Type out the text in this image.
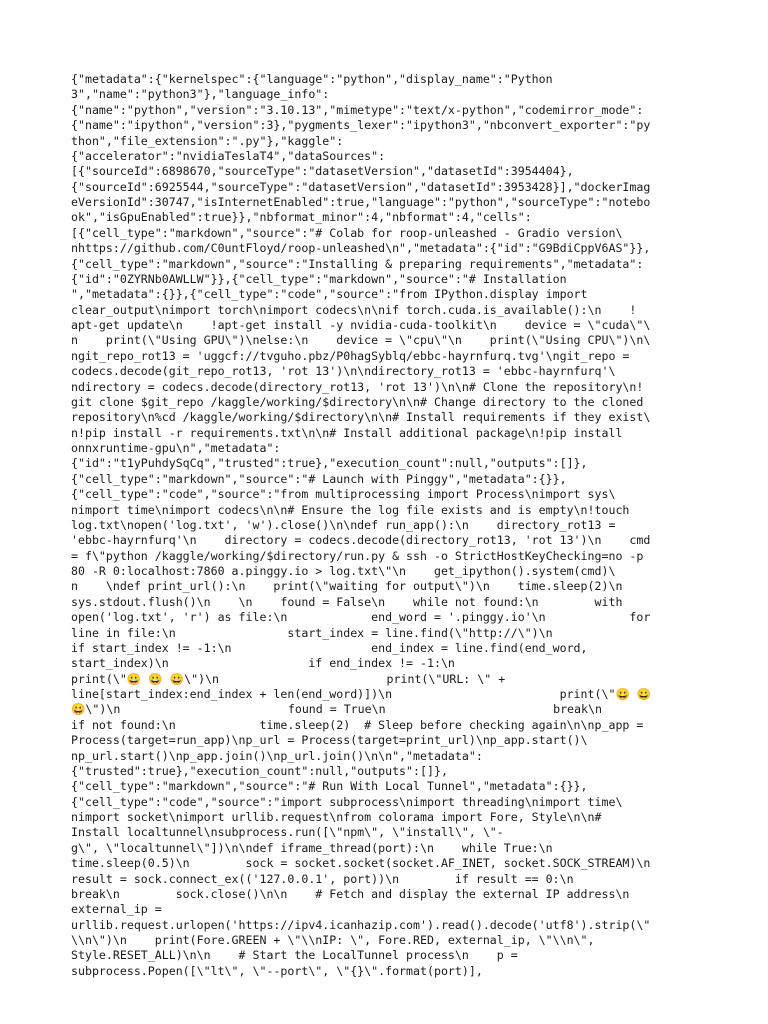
{"metadata":{"kernelspec":{"language":"python","display_name":"Python
3","name":"python3"},"language_info":
{"name":"python","version":"3.10.13","mimetype":"text/x-python","codemirror_mode":
{"name":"ipython","version":3},"pygments_lexer":"ipython3","nbconvert_exporter":"py
thon","file_extension":".py"},"kaggle":
{"accelerator":"nvidiaTeslaT4","dataSources":
[{"sourceId":6898670,"sourceType":"datasetVersion","datasetId":3954404},
{"sourceId":6925544,"sourceType":"datasetVersion","datasetId":3953428}],"dockerImag
eVersionId":30747,"isInternetEnabled":true,"language":"python","sourceType":"notebo
ok","isGpuEnabled":true}},"nbformat_minor":4,"nbformat":4,"cells":
[{"cell_type":"markdown","source":"# Colab for roop-unleashed - Gradio version\
nhttps://github.com/C0untFloyd/roop-unleashed\n","metadata":{"id":"G9BdiCppV6AS"}},
{"cell_type":"markdown","source":"Installing & preparing requirements","metadata":
{"id":"0ZYRNb0AWLLW"}},{"cell_type":"markdown","source":"# Installation
","metadata":{}},{"cell_type":"code","source":"from IPython.display import
clear_output\nimport torch\nimport codecs\n\nif torch.cuda.is_available():\n    !
apt-get update\n    !apt-get install -y nvidia-cuda-toolkit\n    device = \"cuda\"\
n    print(\"Using GPU\")\nelse:\n    device = \"cpu\"\n    print(\"Using CPU\")\n\
ngit_repo_rot13 = 'uggcf://tvguho.pbz/P0hagSyblq/ebbc-hayrnfurq.tvg'\ngit_repo =
codecs.decode(git_repo_rot13, 'rot 13')\n\ndirectory_rot13 = 'ebbc-hayrnfurq'\
ndirectory = codecs.decode(directory_rot13, 'rot 13')\n\n# Clone the repository\n!
git clone $git_repo /kaggle/working/$directory\n\n# Change directory to the cloned
repository\n%cd /kaggle/working/$directory\n\n# Install requirements if they exist\
n!pip install -r requirements.txt\n\n# Install additional package\n!pip install
onnxruntime-gpu\n","metadata":
{"id":"t1yPuhdySqCq","trusted":true},"execution_count":null,"outputs":[]},
{"cell_type":"markdown","source":"# Launch with Pinggy","metadata":{}},
{"cell_type":"code","source":"from multiprocessing import Process\nimport sys\
nimport time\nimport codecs\n\n# Ensure the log file exists and is empty\n!touch
log.txt\nopen('log.txt', 'w').close()\n\ndef run_app():\n    directory_rot13 =
'ebbc-hayrnfurq'\n    directory = codecs.decode(directory_rot13, 'rot 13')\n    cmd
= f\"python /kaggle/working/$directory/run.py & ssh -o StrictHostKeyChecking=no -p
80 -R 0:localhost:7860 a.pinggy.io > log.txt\"\n    get_ipython().system(cmd)\
n    \ndef print_url():\n    print(\"waiting for output\")\n    time.sleep(2)\n
sys.stdout.flush()\n    \n    found = False\n    while not found:\n        with
open('log.txt', 'r') as file:\n            end_word = '.pinggy.io'\n            for
line in file:\n                start_index = line.find(\"http://\")\n
if start_index != -1:\n                    end_index = line.find(end_word,
start_index)\n                    if end_index != -1:\n
print(\"😀 😀 😀\")\n                        print(\"URL: \" +
line[start_index:end_index + len(end_word)])\n                        print(\"😀 😀
😀\")\n                        found = True\n                        break\n
if not found:\n            time.sleep(2)  # Sleep before checking again\n\np_app =
Process(target=run_app)\np_url = Process(target=print_url)\np_app.start()\
np_url.start()\np_app.join()\np_url.join()\n\n","metadata":
{"trusted":true},"execution_count":null,"outputs":[]},
{"cell_type":"markdown","source":"# Run With Local Tunnel","metadata":{}},
{"cell_type":"code","source":"import subprocess\nimport threading\nimport time\
nimport socket\nimport urllib.request\nfrom colorama import Fore, Style\n\n#
Install localtunnel\nsubprocess.run([\"npm\", \"install\", \"-
g\", \"localtunnel\"])\n\ndef iframe_thread(port):\n    while True:\n
time.sleep(0.5)\n        sock = socket.socket(socket.AF_INET, socket.SOCK_STREAM)\n
result = sock.connect_ex(('127.0.0.1', port))\n        if result == 0:\n
break\n        sock.close()\n\n    # Fetch and display the external IP address\n
external_ip =
urllib.request.urlopen('https://ipv4.icanhazip.com').read().decode('utf8').strip(\"
\\n\")\n    print(Fore.GREEN + \"\\nIP: \", Fore.RED, external_ip, \"\\n\",
Style.RESET_ALL)\n\n    # Start the LocalTunnel process\n    p =
subprocess.Popen([\"lt\", \"--port\", \"{}\".format(port)],
